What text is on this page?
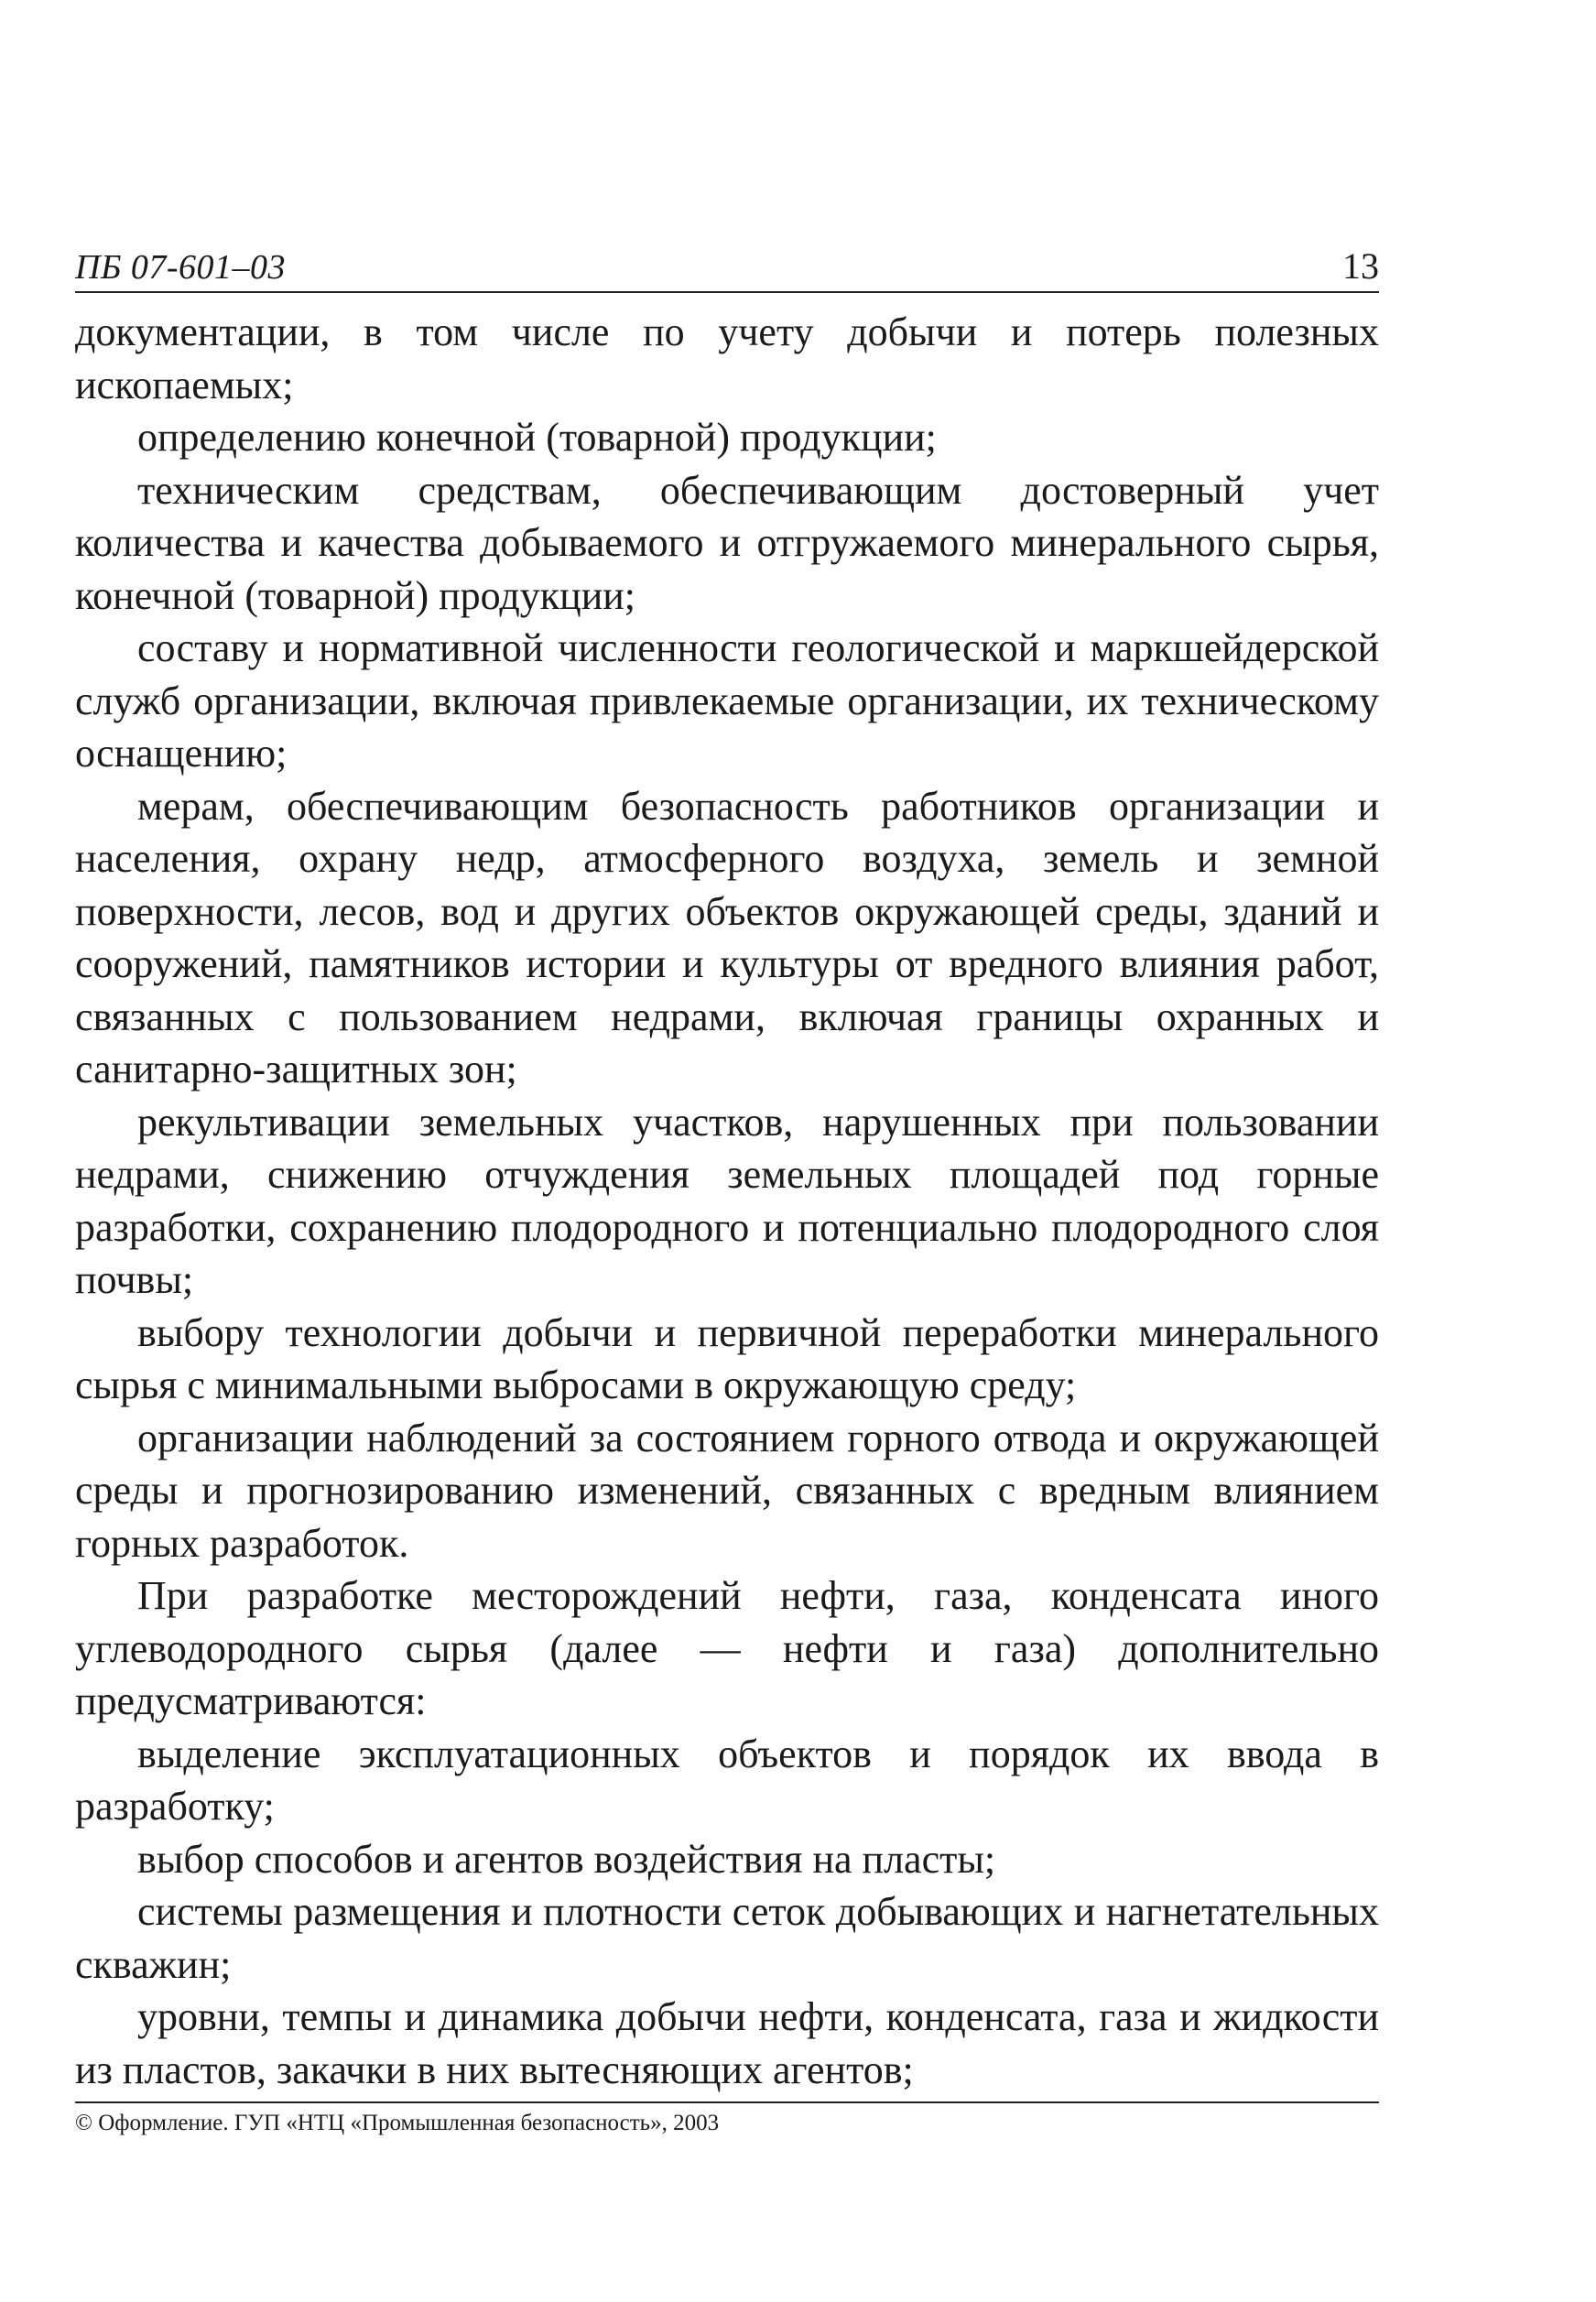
ПБ 07-601–03	13

документации, в том числе по учету добычи и потерь полезных ископаемых;

определению конечной (товарной) продукции;

техническим средствам, обеспечивающим достоверный учет количества и качества добываемого и отгружаемого минерального сырья, конечной (товарной) продукции;

составу и нормативной численности геологической и маркшейдерской служб организации, включая привлекаемые организации, их техническому оснащению;

мерам, обеспечивающим безопасность работников организации и населения, охрану недр, атмосферного воздуха, земель и земной поверхности, лесов, вод и других объектов окружающей среды, зданий и сооружений, памятников истории и культуры от вредного влияния работ, связанных с пользованием недрами, включая границы охранных и санитарно-защитных зон;

рекультивации земельных участков, нарушенных при пользовании недрами, снижению отчуждения земельных площадей под горные разработки, сохранению плодородного и потенциально плодородного слоя почвы;

выбору технологии добычи и первичной переработки минерального сырья с минимальными выбросами в окружающую среду;

организации наблюдений за состоянием горного отвода и окружающей среды и прогнозированию изменений, связанных с вредным влиянием горных разработок.

При разработке месторождений нефти, газа, конденсата иного углеводородного сырья (далее — нефти и газа) дополнительно предусматриваются:

выделение эксплуатационных объектов и порядок их ввода в разработку;

выбор способов и агентов воздействия на пласты;

системы размещения и плотности сеток добывающих и нагнетательных скважин;

уровни, темпы и динамика добычи нефти, конденсата, газа и жидкости из пластов, закачки в них вытесняющих агентов;

© Оформление. ГУП «НТЦ «Промышленная безопасность», 2003
